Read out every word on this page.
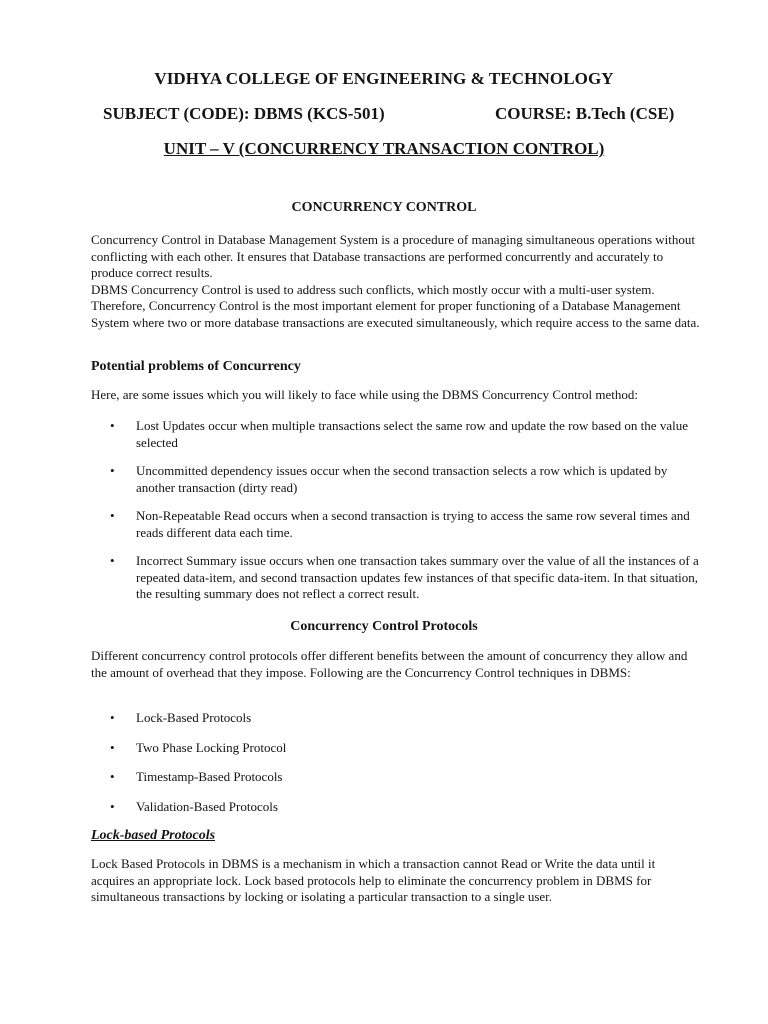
VIDHYA COLLEGE OF ENGINEERING & TECHNOLOGY

SUBJECT (CODE): DBMS (KCS-501)	COURSE: B.Tech (CSE)

UNIT – V (CONCURRENCY TRANSACTION CONTROL)

CONCURRENCY CONTROL

Concurrency Control in Database Management System is a procedure of managing simultaneous operations without conflicting with each other. It ensures that Database transactions are performed concurrently and accurately to produce correct results.
DBMS Concurrency Control is used to address such conflicts, which mostly occur with a multi-user system. Therefore, Concurrency Control is the most important element for proper functioning of a Database Management System where two or more database transactions are executed simultaneously, which require access to the same data.

Potential problems of Concurrency

Here, are some issues which you will likely to face while using the DBMS Concurrency Control method:

• Lost Updates occur when multiple transactions select the same row and update the row based on the value selected
• Uncommitted dependency issues occur when the second transaction selects a row which is updated by another transaction (dirty read)
• Non-Repeatable Read occurs when a second transaction is trying to access the same row several times and reads different data each time.
• Incorrect Summary issue occurs when one transaction takes summary over the value of all the instances of a repeated data-item, and second transaction updates few instances of that specific data-item. In that situation, the resulting summary does not reflect a correct result.

Concurrency Control Protocols

Different concurrency control protocols offer different benefits between the amount of concurrency they allow and the amount of overhead that they impose. Following are the Concurrency Control techniques in DBMS:

• Lock-Based Protocols
• Two Phase Locking Protocol
• Timestamp-Based Protocols
• Validation-Based Protocols

Lock-based Protocols

Lock Based Protocols in DBMS is a mechanism in which a transaction cannot Read or Write the data until it acquires an appropriate lock. Lock based protocols help to eliminate the concurrency problem in DBMS for simultaneous transactions by locking or isolating a particular transaction to a single user.
